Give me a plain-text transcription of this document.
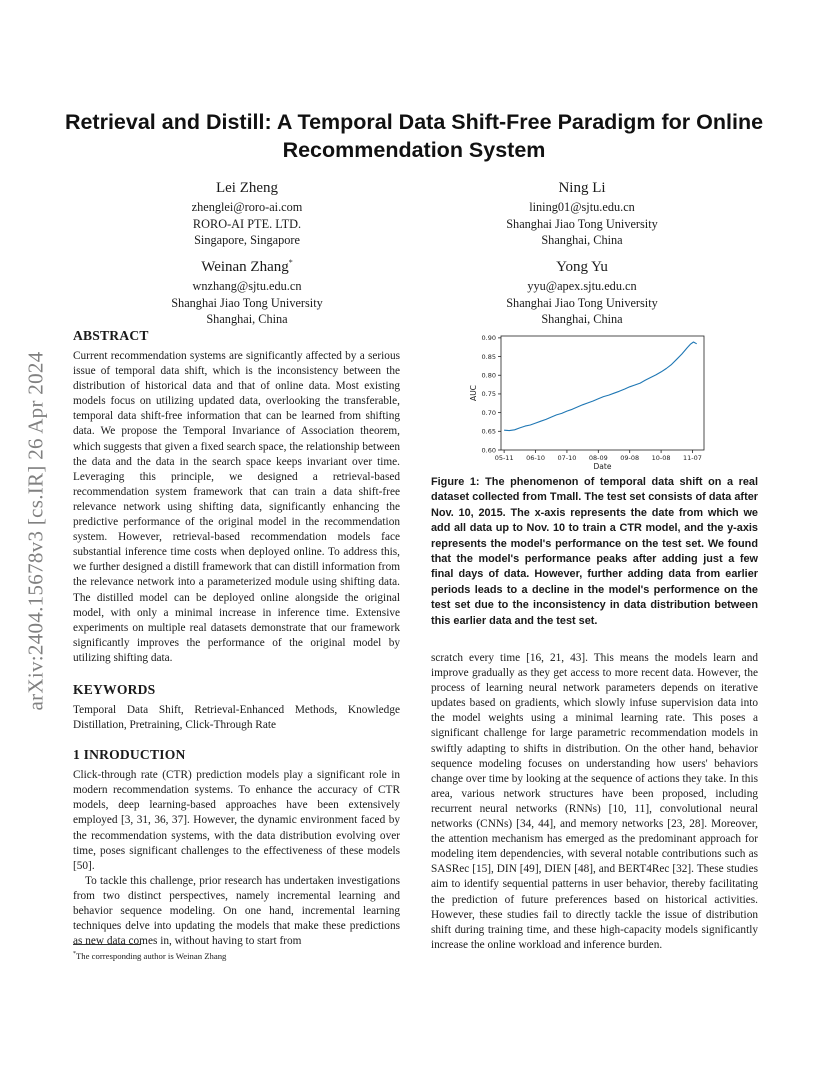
arXiv:2404.15678v3 [cs.IR] 26 Apr 2024
Retrieval and Distill: A Temporal Data Shift-Free Paradigm for Online Recommendation System
Lei Zheng
zhenglei@roro-ai.com
RORO-AI PTE. LTD.
Singapore, Singapore
Ning Li
lining01@sjtu.edu.cn
Shanghai Jiao Tong University
Shanghai, China
Weinan Zhang*
wnzhang@sjtu.edu.cn
Shanghai Jiao Tong University
Shanghai, China
Yong Yu
yyu@apex.sjtu.edu.cn
Shanghai Jiao Tong University
Shanghai, China
ABSTRACT

Current recommendation systems are significantly affected by a serious issue of temporal data shift, which is the inconsistency between the distribution of historical data and that of online data. Most existing models focus on utilizing updated data, overlooking the transferable, temporal data shift-free information that can be learned from shifting data. We propose the Temporal Invariance of Association theorem, which suggests that given a fixed search space, the relationship between the data and the data in the search space keeps invariant over time. Leveraging this principle, we designed a retrieval-based recommendation system framework that can train a data shift-free relevance network using shifting data, significantly enhancing the predictive performance of the original model in the recommendation system. However, retrieval-based recommendation models face substantial inference time costs when deployed online. To address this, we further designed a distill framework that can distill information from the relevance network into a parameterized module using shifting data. The distilled model can be deployed online alongside the original model, with only a minimal increase in inference time. Extensive experiments on multiple real datasets demonstrate that our framework significantly improves the performance of the original model by utilizing shifting data.

KEYWORDS

Temporal Data Shift, Retrieval-Enhanced Methods, Knowledge Distillation, Pretraining, Click-Through Rate

1 INRODUCTION

Click-through rate (CTR) prediction models play a significant role in modern recommendation systems. To enhance the accuracy of CTR models, deep learning-based approaches have been extensively employed [3, 31, 36, 37]. However, the dynamic environment faced by the recommendation systems, with the data distribution evolving over time, poses significant challenges to the effectiveness of these models [50].

To tackle this challenge, prior research has undertaken investigations from two distinct perspectives, namely incremental learning and behavior sequence modeling. On one hand, incremental learning techniques delve into updating the models that make these predictions as new data comes in, without having to start from

0.60
0.65
0.70
0.75
0.80
0.85
0.90
05-11 06-10 07-10 08-09 09-08 10-08 11-07
Date
AUC
Figure 1: The phenomenon of temporal data shift on a real dataset collected from Tmall. The test set consists of data after Nov. 10, 2015. The x-axis represents the date from which we add all data up to Nov. 10 to train a CTR model, and the y-axis represents the model's performance on the test set. We found that the model's performance peaks after adding just a few final days of data. However, further adding data from earlier periods leads to a decline in the model's performence on the test set due to the inconsistency in data distribution between this earlier data and the test set.

scratch every time [16, 21, 43]. This means the models learn and improve gradually as they get access to more recent data. However, the process of learning neural network parameters depends on iterative updates based on gradients, which slowly infuse supervision data into the model weights using a minimal learning rate. This poses a significant challenge for large parametric recommendation models in swiftly adapting to shifts in distribution. On the other hand, behavior sequence modeling focuses on understanding how users' behaviors change over time by looking at the sequence of actions they take. In this area, various network structures have been proposed, including recurrent neural networks (RNNs) [10, 11], convolutional neural networks (CNNs) [34, 44], and memory networks [23, 28]. Moreover, the attention mechanism has emerged as the predominant approach for modeling item dependencies, with several notable contributions such as SASRec [15], DIN [49], DIEN [48], and BERT4Rec [32]. These studies aim to identify sequential patterns in user behavior, thereby facilitating the prediction of future preferences based on historical activities. However, these studies fail to directly tackle the issue of distribution shift during training time, and these high-capacity models significantly increase the online workload and inference burden.

*The corresponding author is Weinan Zhang
